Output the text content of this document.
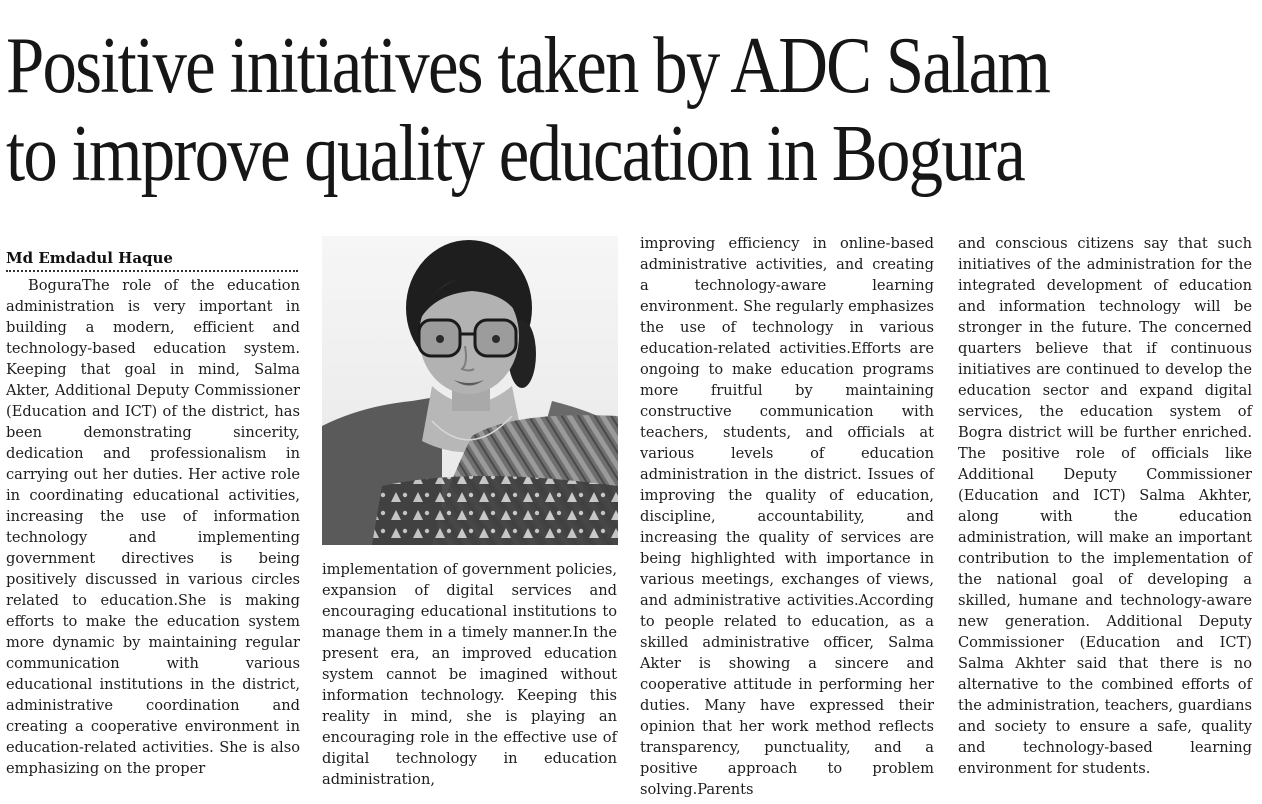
Positive initiatives taken by ADC Salam
to improve quality education in Bogura
Md Emdadul Haque

BoguraThe role of the education administration is very important in building a modern, efficient and technology-based education system. Keeping that goal in mind, Salma Akter, Additional Deputy Commissioner (Education and ICT) of the district, has been demonstrating sincerity, dedication and professionalism in carrying out her duties. Her active role in coordinating educational activities, increasing the use of information technology and implementing government directives is being positively discussed in various circles related to education.She is making efforts to make the education system more dynamic by maintaining regular communication with various educational institutions in the district, administrative coordination and creating a cooperative environment in education-related activities. She is also emphasizing on the proper

implementation of government policies, expansion of digital services and encouraging educational institutions to manage them in a timely manner.In the present era, an improved education system cannot be imagined without information technology. Keeping this reality in mind, she is playing an encouraging role in the effective use of digital technology in education administration,

improving efficiency in online-based administrative activities, and creating a technology-aware learning environment. She regularly emphasizes the use of technology in various education-related activities.Efforts are ongoing to make education programs more fruitful by maintaining constructive communication with teachers, students, and officials at various levels of education administration in the district. Issues of improving the quality of education, discipline, accountability, and increasing the quality of services are being highlighted with importance in various meetings, exchanges of views, and administrative activities.According to people related to education, as a skilled administrative officer, Salma Akter is showing a sincere and cooperative attitude in performing her duties. Many have expressed their opinion that her work method reflects transparency, punctuality, and a positive approach to problem solving.Parents

and conscious citizens say that such initiatives of the administration for the integrated development of education and information technology will be stronger in the future. The concerned quarters believe that if continuous initiatives are continued to develop the education sector and expand digital services, the education system of Bogra district will be further enriched. The positive role of officials like Additional Deputy Commissioner (Education and ICT) Salma Akhter, along with the education administration, will make an important contribution to the implementation of the national goal of developing a skilled, humane and technology-aware new generation. Additional Deputy Commissioner (Education and ICT) Salma Akhter said that there is no alternative to the combined efforts of the administration, teachers, guardians and society to ensure a safe, quality and technology-based learning environment for students.
